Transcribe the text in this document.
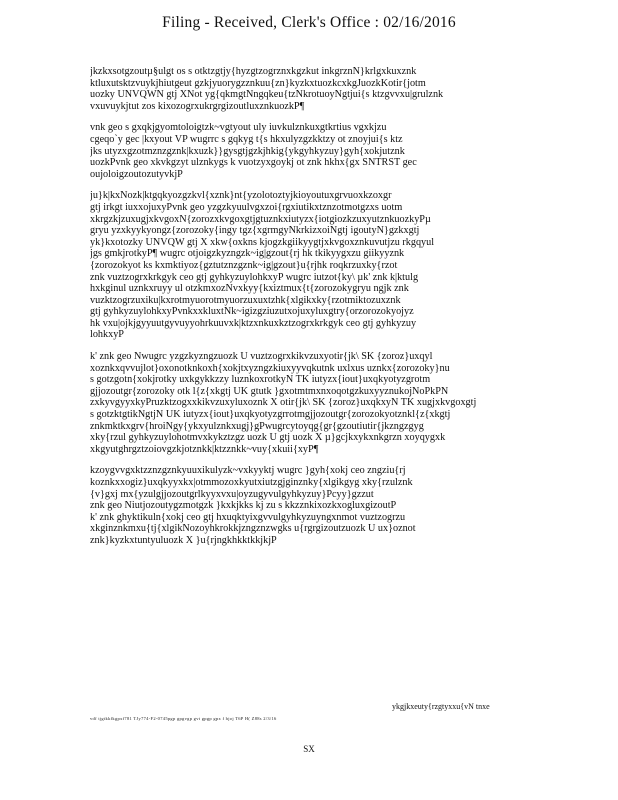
Filing - Received, Clerk's Office : 02/16/2016

jkzkxsotgzoutµ§ulgt os s otktzgtjy{hyzgtzogrznxkgzkut inkgrznN}krlgxkuxznk
ktluxutsktzvuykjhiutgeut gzkjyuorygzznkuu{zn}kyzkxtuozkcxkgJuozkKotir{jotm
uozky UNVQWN gtj XNot yg{qkmgtNngqkeu{tzNkrotuoyNgtjui{s ktzgvvxu|grulznk
vxuvuykjtut zos kixozogrxukrgrgizoutluxznkuozkP¶

vnk geo s gxqkjgyomtoloigtzk~vgtyout uly iuvkulznkuxgtkrtius vgxkjzu
cgeqo`y gec |kxyout VP wugrrc s gqkyg t{s hkxulyzgzkktzy ot znoyjui{s ktz
jks utyzxgzotmznzgznk|kxuzk}}gysgtjgzkjhkig{ykgyhkyzuy}gyh{xokjutznk
uozkPvnk geo xkvkgzyt ulznkygs k vuotzyxgoykj ot znk hkhx{gx SNTRST gec
oujoloigzoutozutyvkjP

ju}k|kxNozk|ktgqkyozgzkvl{xznk}nt{yzolotoztyjkioyoutuxgrvuoxkzoxgr
gtj irkgt iuxxojuxyPvnk geo yzgzkyuulvgxzoi{rgxiutikxtznzotmotgzxs uotm
xkrgzkjzuxugjxkvgoxN{zorozxkvgoxgtjgtuznkxiutyzx{iotgiozkzuxyutznkuozkyPµ
gryu yzxkyykyongz{zorozoky{ingy tgz{xgrmgyNkrkizxoiNgtj igoutyN}gzkxgtj
yk}kxotozky UNVQW gtj X xkw{oxkns kjogzkgiikyygtjxkvgoxznkuvutjzu rkgqyul
jgs gmkjrotkyP¶ wugrc otjoigzkyzngzk~ig|gzout{rj hk tkikyygxzu giikyyznk
{zorozokyot ks kxmktiyoz{gztutznzgznk~ig|gzout}u{rjhk roqkrzuxky{rzot
znk vuztzogrxkrkgyk ceo gtj gyhkyzuylohkxyP wugrc iutzot{ky\ µk' znk k|ktulg
hxkginul uznkxruyy ul otzkmxozNvxkyy{kxiztmux{t{zorozokygryu ngjk znk
vuzktzogrzuxiku|kxrotmyuorotmyuorzuxuxtzhk{xlgikxky{rzotmiktozuxznk
gtj gyhkyzuylohkxyPvnkxxkluxtNk~igizgziuzutxojuxyluxgtry{orzorozokyojyz
hk vxu|ojkjgyyuutgyvuyyohrkuuvxk|ktzxnkuxkztzogrxkrkgyk ceo gtj gyhkyzuy
lohkxyP

k' znk geo Nwugrc yzgzkyzngzuozk U vuztzogrxkikvzuxyotir{jk\ SK {zoroz}uxqyl
xoznkxqvvujlot}oxonotknkoxh{xokjtxyzngzkiuxyyvqkutnk uxlxus uznkx{zorozoky}nu
s gotzgotn{xokjrotky uxkgykkzzy luznkoxrotkyN TK iutyzx{iout}uxqkyotyzgrotm
gjjozoutgr{zorozoky otk l{z{xkgtj UK gtutk }gxotmtmxnxoqotgzkuxyyznukojNoPkPN
zxkyvgyyxkyPruzktzogxxkikvzuxyluxoznk X otir{jk\ SK {zoroz}uxqkxyN TK xugjxkvgoxgtj
s gotzktgtikNgtjN UK iutyzx{iout}uxqkyotyzgrrotmgjjozoutgr{zorozokyotznkl{z{xkgtj
znkmktkxgrv{hroiNgy{ykxyulznkxugj}gPwugrcytoyqg{gr{gzoutiutir{jkzngzgyg
xky{rzul gyhkyzuylohotmvxkykztzgz uozk U gtj uozk X µ}gcjkxykxnkgrzn xoyqygxk
xkgyutghrgztzoiovgzkjotznkk|ktzznkk~vuy{xkuii{xyP¶

kzoygvvgxktzznzgznkyuuxikulyzk~vxkyyktj wugrc }gyh{xokj ceo zngziu{rj
koznkxxogiz}uxqkyyxkx|otmmozoxkyutxiutzgjginznky{xlgikgyg xky{rzulznk
{v}gxj mx{yzulgjjozoutgrlkyyxvxu|oyzugyvulgyhkyzuy}Pcyy}gzzut
znk geo Niutjozoutygzmotgzk }kxkjkks kj zu s kkzznkixozkxogluxgizoutP
k' znk ghyktikuln{xokj ceo gtj hxuqktyixgvvulgyhkyzuyngxnmot vuztzogrzu
xkginznkmxu{tj{xlgikNozoyhkrokkjzngznzwgks u{rgrgizoutzuozk U ux}oznot
znk}kyzkxtuntyuluozk X }u{rjngkhkktkkjkjP

ykgjkxeuty{rzgtyxxu{vN tnxe
vdf tjgtkkfkgpxf781 TJy774-F2-0745pgp gpgvgp gvt gpgp gpx f hjoj T6P H( Z88s 2/3/16
SX
